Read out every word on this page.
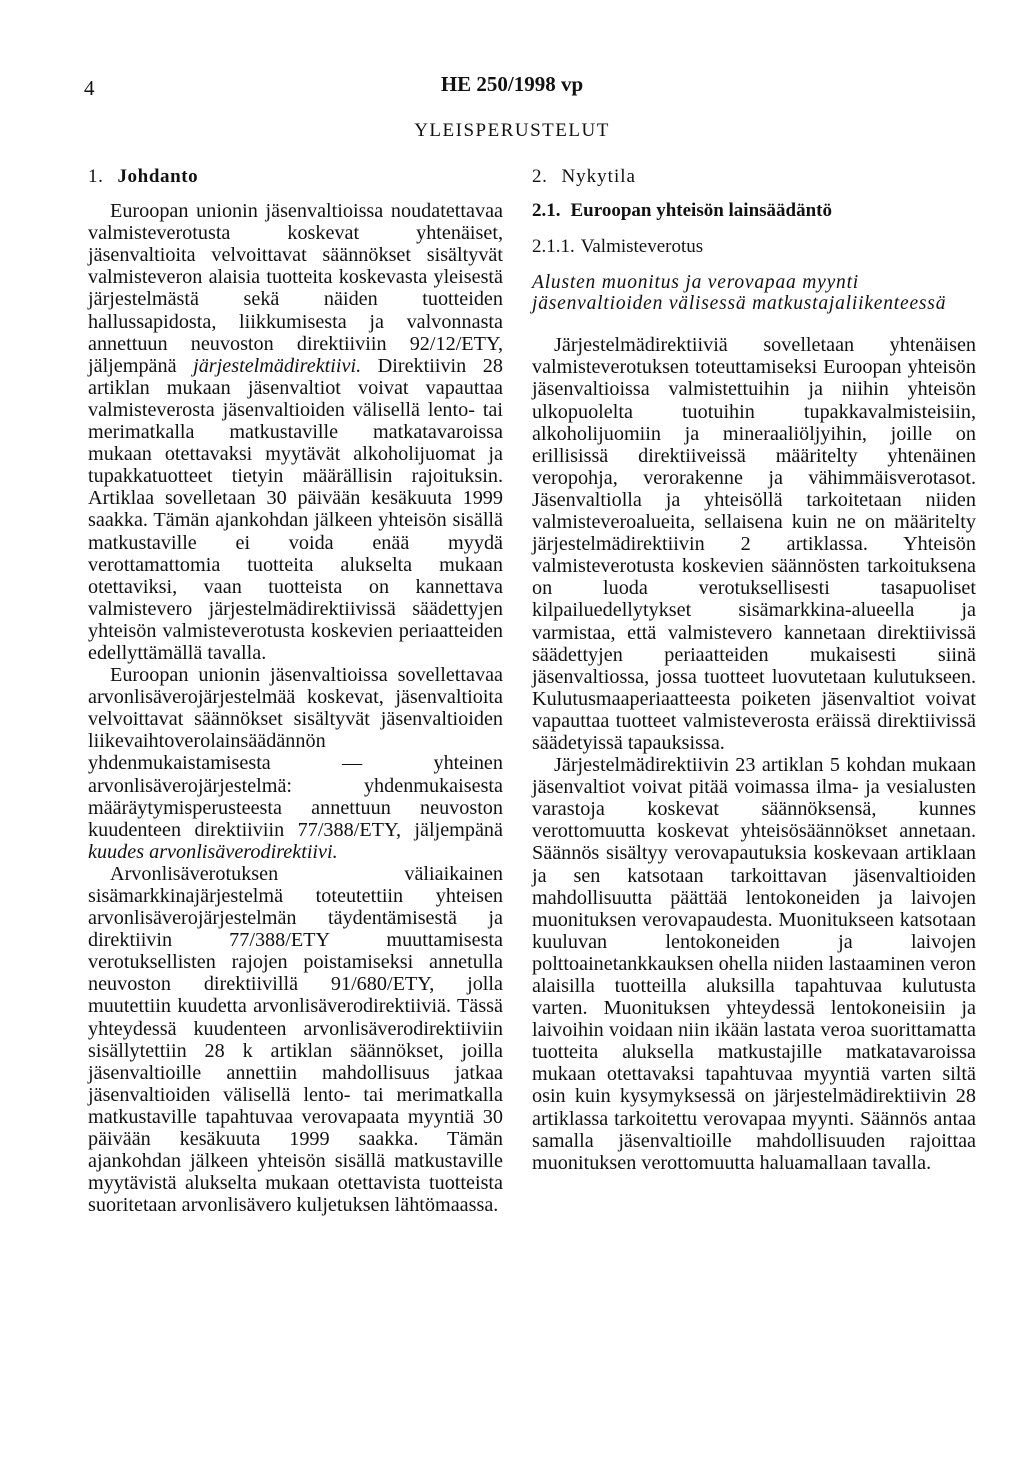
4	HE 250/1998 vp
YLEISPERUSTELUT
1. Johdanto

Euroopan unionin jäsenvaltioissa noudatettavaa valmisteverotusta koskevat yhtenäiset, jäsenvaltioita velvoittavat säännökset sisältyvät valmisteveron alaisia tuotteita koskevasta yleisestä järjestelmästä sekä näiden tuotteiden hallussapidosta, liikkumisesta ja valvonnasta annettuun neuvoston direktiiviin 92/12/ETY, jäljempänä järjestelmädirektiivi. Direktiivin 28 artiklan mukaan jäsenvaltiot voivat vapauttaa valmisteverosta jäsenvaltioiden välisellä lento- tai merimatkalla matkustaville matkatavaroissa mukaan otettavaksi myytävät alkoholijuomat ja tupakkatuotteet tietyin määrällisin rajoituksin. Artiklaa sovelletaan 30 päivään kesäkuuta 1999 saakka. Tämän ajankohdan jälkeen yhteisön sisällä matkustaville ei voida enää myydä verottamattomia tuotteita alukselta mukaan otettaviksi, vaan tuotteista on kannettava valmistevero järjestelmädirektiivissä säädettyjen yhteisön valmisteverotusta koskevien periaatteiden edellyttämällä tavalla.

Euroopan unionin jäsenvaltioissa sovellettavaa arvonlisäverojärjestelmää koskevat, jäsenvaltioita velvoittavat säännökset sisältyvät jäsenvaltioiden liikevaihtoverolainsäädännön yhdenmukaistamisesta — yhteinen arvonlisäverojärjestelmä: yhdenmukaisesta määräytymisperusteesta annettuun neuvoston kuudenteen direktiiviin 77/388/ETY, jäljempänä kuudes arvonlisäverodirektiivi.

Arvonlisäverotuksen väliaikainen sisämarkkinajärjestelmä toteutettiin yhteisen arvonlisäverojärjestelmän täydentämisestä ja direktiivin 77/388/ETY muuttamisesta verotuksellisten rajojen poistamiseksi annetulla neuvoston direktiivillä 91/680/ETY, jolla muutettiin kuudetta arvonlisäverodirektiiviä. Tässä yhteydessä kuudenteen arvonlisäverodirektiiviin sisällytettiin 28 k artiklan säännökset, joilla jäsenvaltioille annettiin mahdollisuus jatkaa jäsenvaltioiden välisellä lento- tai merimatkalla matkustaville tapahtuvaa verovapaata myyntiä 30 päivään kesäkuuta 1999 saakka. Tämän ajankohdan jälkeen yhteisön sisällä matkustaville myytävistä alukselta mukaan otettavista tuotteista suoritetaan arvonlisävero kuljetuksen lähtömaassa.

2. Nykytila
2.1. Euroopan yhteisön lainsäädäntö
2.1.1. Valmisteverotus
Alusten muonitus ja verovapaa myynti jäsenvaltioiden välisessä matkustajaliikenteessä

Järjestelmädirektiiviä sovelletaan yhtenäisen valmisteverotuksen toteuttamiseksi Euroopan yhteisön jäsenvaltioissa valmistettuihin ja niihin yhteisön ulkopuolelta tuotuihin tupakkavalmisteisiin, alkoholijuomiin ja mineraaliöljyihin, joille on erillisissä direktiiveissä määritelty yhtenäinen veropohja, verorakenne ja vähimmäisverotasot. Jäsenvaltiolla ja yhteisöllä tarkoitetaan niiden valmisteveroalueita, sellaisena kuin ne on määritelty järjestelmädirektiivin 2 artiklassa. Yhteisön valmisteverotusta koskevien säännösten tarkoituksena on luoda verotuksellisesti tasapuoliset kilpailuedellytykset sisämarkkina-alueella ja varmistaa, että valmistevero kannetaan direktiivissä säädettyjen periaatteiden mukaisesti siinä jäsenvaltiossa, jossa tuotteet luovutetaan kulutukseen. Kulutusmaaperiaatteesta poiketen jäsenvaltiot voivat vapauttaa tuotteet valmisteverosta eräissä direktiivissä säädetyissä tapauksissa.

Järjestelmädirektiivin 23 artiklan 5 kohdan mukaan jäsenvaltiot voivat pitää voimassa ilma- ja vesialusten varastoja koskevat säännöksensä, kunnes verottomuutta koskevat yhteisösäännökset annetaan. Säännös sisältyy verovapautuksia koskevaan artiklaan ja sen katsotaan tarkoittavan jäsenvaltioiden mahdollisuutta päättää lentokoneiden ja laivojen muonituksen verovapaudesta. Muonitukseen katsotaan kuuluvan lentokoneiden ja laivojen polttoainetankkauksen ohella niiden lastaaminen veron alaisilla tuotteilla aluksilla tapahtuvaa kulutusta varten. Muonituksen yhteydessä lentokoneisiin ja laivoihin voidaan niin ikään lastata veroa suorittamatta tuotteita aluksella matkustajille matkatavaroissa mukaan otettavaksi tapahtuvaa myyntiä varten siltä osin kuin kysymyksessä on järjestelmädirektiivin 28 artiklassa tarkoitettu verovapaa myynti. Säännös antaa samalla jäsenvaltioille mahdollisuuden rajoittaa muonituksen verottomuutta haluamallaan tavalla.
